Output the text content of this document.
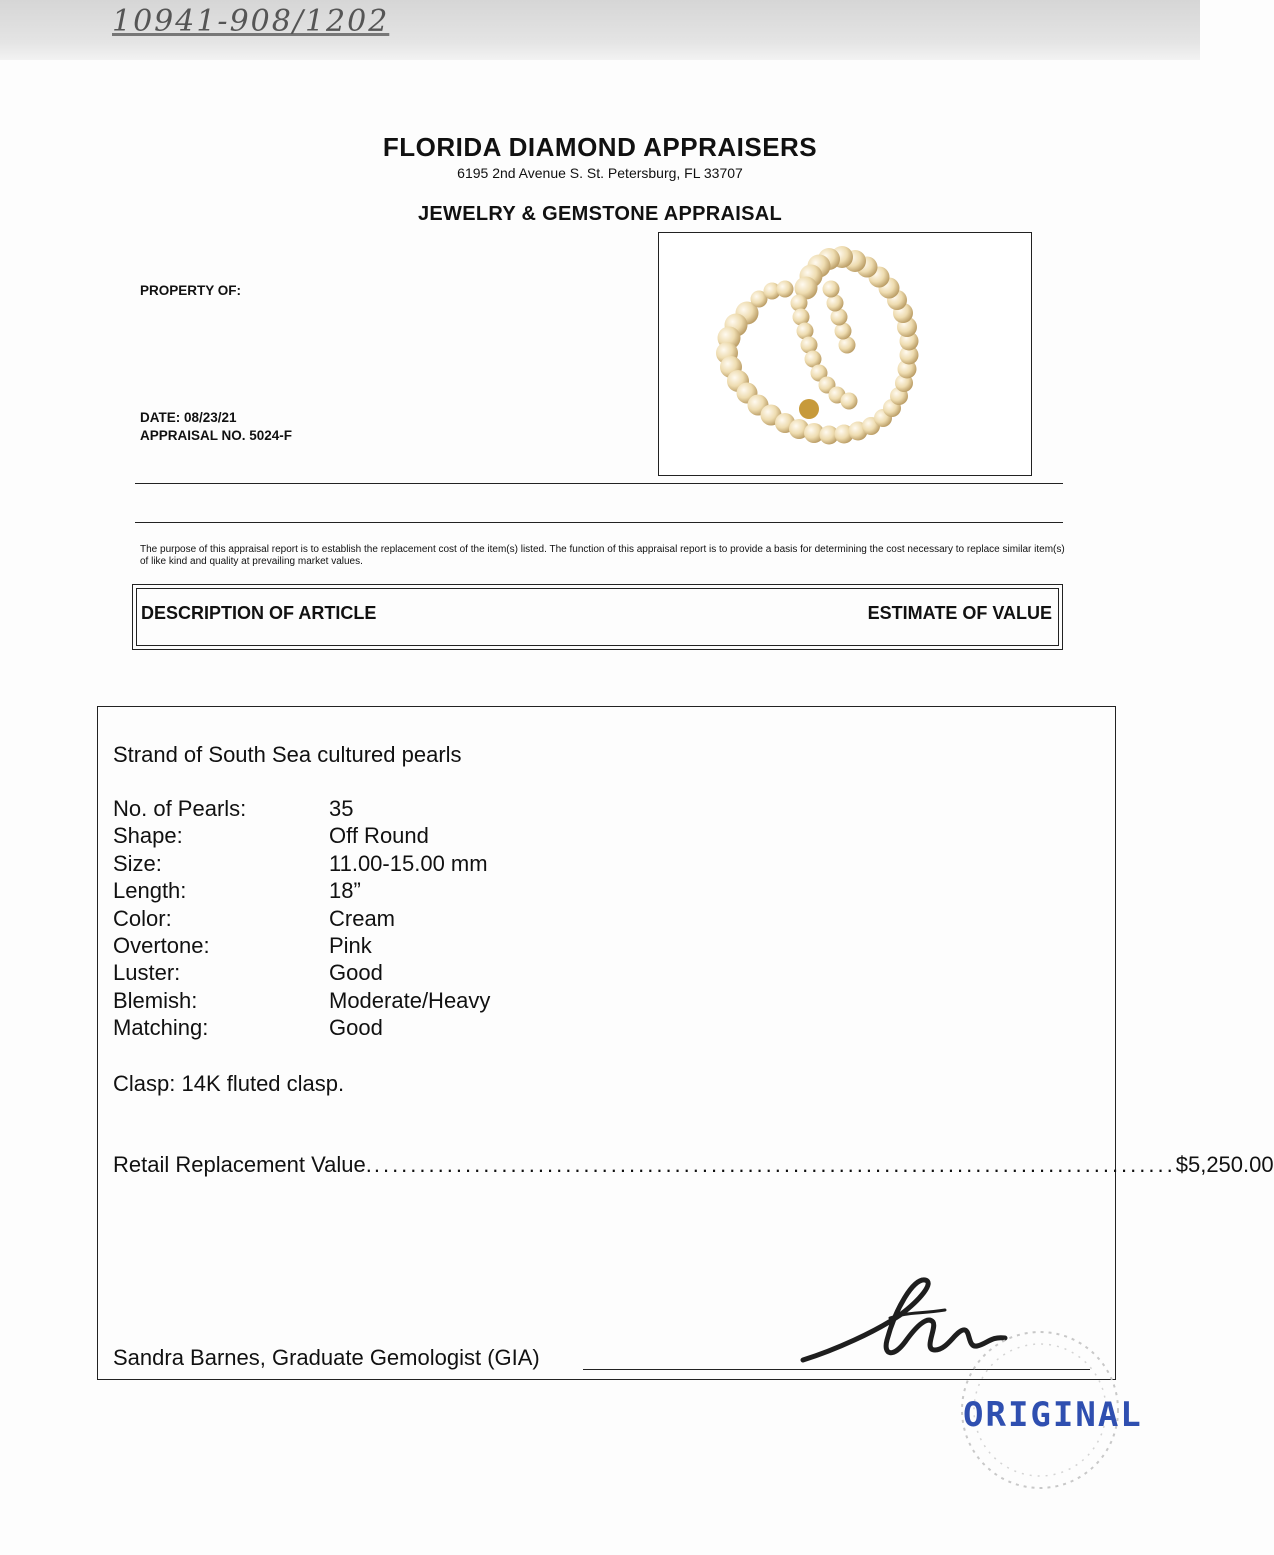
10941-908/1202
FLORIDA DIAMOND APPRAISERS
6195 2nd Avenue S. St. Petersburg, FL 33707
JEWELRY & GEMSTONE APPRAISAL
PROPERTY OF:
DATE: 08/23/21
APPRAISAL NO. 5024-F
The purpose of this appraisal report is to establish the replacement cost of the item(s) listed. The function of this appraisal report is to provide a basis for determining the cost necessary to replace similar item(s) of like kind and quality at prevailing market values.
DESCRIPTION OF ARTICLE	ESTIMATE OF VALUE
Strand of South Sea cultured pearls
No. of Pearls:	35
Shape:	Off Round
Size:	11.00-15.00 mm
Length:	18”
Color:	Cream
Overtone:	Pink
Luster:	Good
Blemish:	Moderate/Heavy
Matching:	Good
Clasp: 14K fluted clasp.
Retail Replacement Value. ........................................................................................ $5,250.00
Sandra Barnes, Graduate Gemologist (GIA)
ORIGINAL
